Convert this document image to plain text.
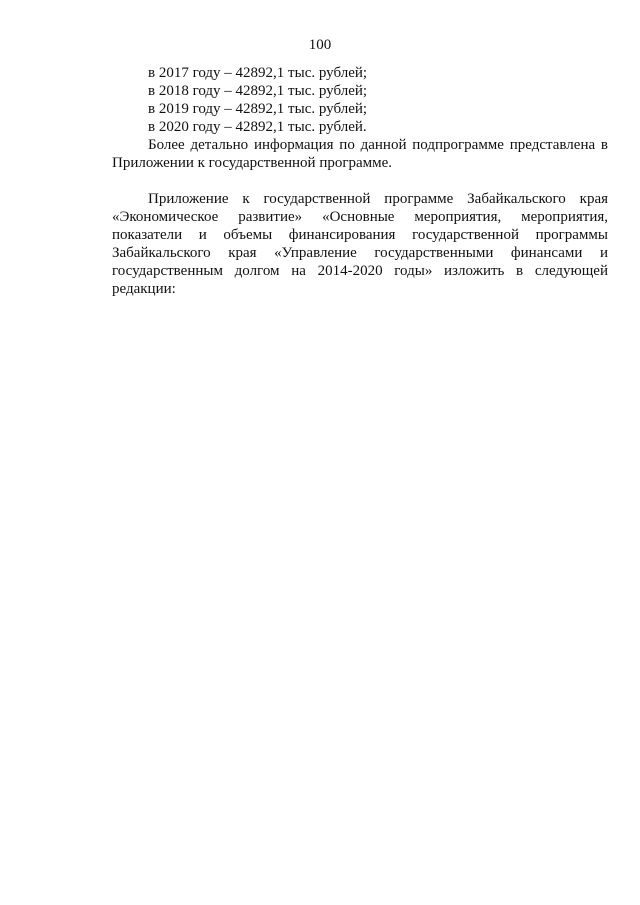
100
в 2017 году – 42892,1 тыс. рублей;
в 2018 году – 42892,1 тыс. рублей;
в 2019 году – 42892,1 тыс. рублей;
в 2020 году – 42892,1 тыс. рублей.
Более детально информация по данной подпрограмме представлена в
Приложении к государственной программе.
Приложение к государственной программе Забайкальского края
«Экономическое развитие» «Основные мероприятия, мероприятия,
показатели и объемы финансирования государственной программы
Забайкальского края «Управление государственными финансами и
государственным долгом на 2014-2020 годы» изложить в следующей
редакции:
